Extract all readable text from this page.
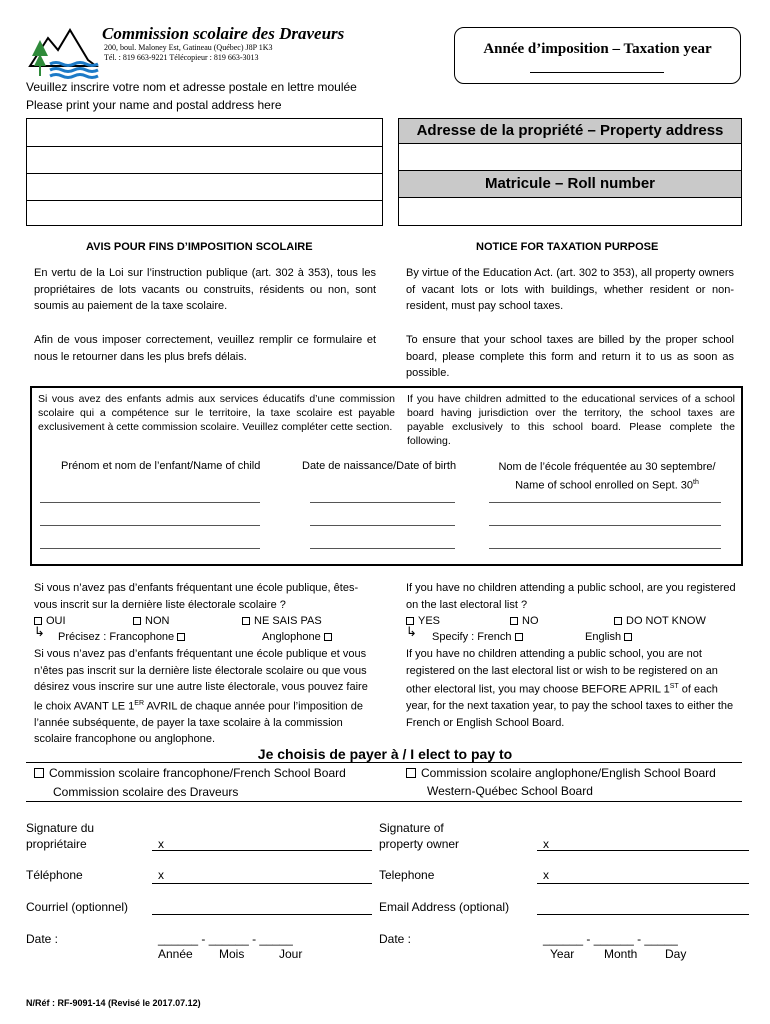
Commission scolaire des Draveurs
200, boul. Maloney Est, Gatineau (Québec) J8P 1K3
Tél. : 819 663-9221 Télécopieur : 819 663-3013
Année d’imposition – Taxation year
Veuillez inscrire votre nom et adresse postale en lettre moulée
Please print your name and postal address here
Adresse de la propriété – Property address
Matricule – Roll number
AVIS POUR FINS D’IMPOSITION SCOLAIRE	NOTICE FOR TAXATION PURPOSE
En vertu de la Loi sur l’instruction publique (art. 302 à 353), tous les propriétaires de lots vacants ou construits, résidents ou non, sont soumis au paiement de la taxe scolaire.
By virtue of the Education Act. (art. 302 to 353), all property owners of vacant lots or lots with buildings, whether resident or non-resident, must pay school taxes.
Afin de vous imposer correctement, veuillez remplir ce formulaire et nous le retourner dans les plus brefs délais.
To ensure that your school taxes are billed by the proper school board, please complete this form and return it to us as soon as possible.
Si vous avez des enfants admis aux services éducatifs d’une commission scolaire qui a compétence sur le territoire, la taxe scolaire est payable exclusivement à cette commission scolaire. Veuillez compléter cette section.
If you have children admitted to the educational services of a school board having jurisdiction over the territory, the school taxes are payable exclusively to this school board. Please complete the following.
Prénom et nom de l’enfant/Name of child	Date de naissance/Date of birth	Nom de l’école fréquentée au 30 septembre/
Name of school enrolled on Sept. 30th
Si vous n’avez pas d’enfants fréquentant une école publique, êtes-
vous inscrit sur la dernière liste électorale scolaire ?
OUI	NON	NE SAIS PAS
↳ Précisez : Francophone	Anglophone
Si vous n’avez pas d’enfants fréquentant une école publique et vous
n’êtes pas inscrit sur la dernière liste électorale scolaire ou que vous
désirez vous inscrire sur une autre liste électorale, vous pouvez faire
le choix AVANT LE 1ER AVRIL de chaque année pour l’imposition de
l’année subséquente, de payer la taxe scolaire à la commission
scolaire francophone ou anglophone.
If you have no children attending a public school, are you registered
on the last electoral list ?
YES	NO	DO NOT KNOW
↳ Specify : French	English
If you have no children attending a public school, you are not
registered on the last electoral list or wish to be registered on an
other electoral list, you may choose BEFORE APRIL 1ST of each
year, for the next taxation year, to pay the school taxes to either the
French or English School Board.
Je choisis de payer à / I elect to pay to
Commission scolaire francophone/French School Board
Commission scolaire des Draveurs
Commission scolaire anglophone/English School Board
Western-Québec School Board
Signature du
propriétaire	x
Téléphone	x
Courriel (optionnel)
Date :	______ - ______ - _____
Année Mois	Jour
Signature of
property owner	x
Telephone	x
Email Address (optional)
Date :	______ - ______ - _____
Year Month Day
N/Réf : RF-9091-14 (Revisé le 2017.07.12)
